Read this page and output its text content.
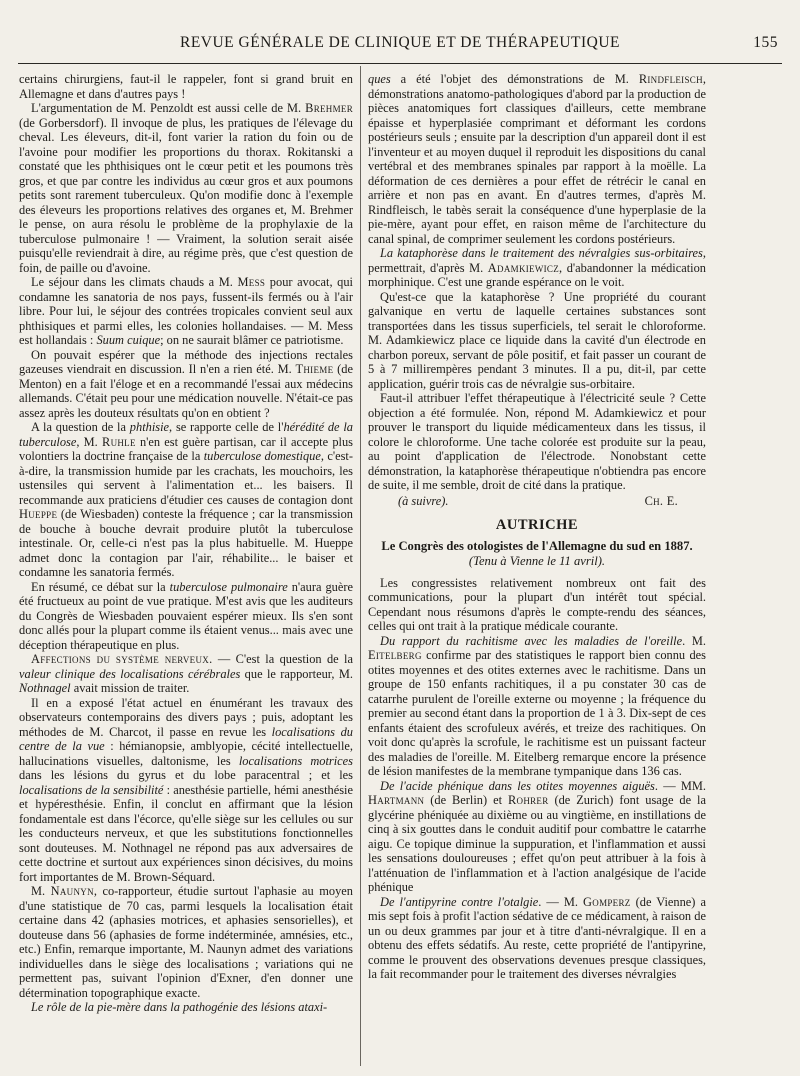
REVUE GÉNÉRALE DE CLINIQUE ET DE THÉRAPEUTIQUE	155

certains chirurgiens, faut-il le rappeler, font si grand bruit en Allemagne et dans d'autres pays !

L'argumentation de M. Penzoldt est aussi celle de M. Brehmer (de Gorbersdorf). Il invoque de plus, les pratiques de l'élevage du cheval. Les éleveurs, dit-il, font varier la ration du foin ou de l'avoine pour modifier les proportions du thorax. Rokitanski a constaté que les phthisiques ont le cœur petit et les poumons très gros, et que par contre les individus au cœur gros et aux poumons petits sont rarement tuberculeux. Qu'on modifie donc à l'exemple des éleveurs les proportions relatives des organes et, M. Brehmer le pense, on aura résolu le problème de la prophylaxie de la tuberculose pulmonaire ! — Vraiment, la solution serait aisée puisqu'elle reviendrait à dire, au régime près, que c'est question de foin, de paille ou d'avoine.

Le séjour dans les climats chauds a M. Mess pour avocat, qui condamne les sanatoria de nos pays, fussent-ils fermés ou à l'air libre. Pour lui, le séjour des contrées tropicales convient seul aux phthisiques et parmi elles, les colonies hollandaises. — M. Mess est hollandais : Suum cuique; on ne saurait blâmer ce patriotisme.

On pouvait espérer que la méthode des injections rectales gazeuses viendrait en discussion. Il n'en a rien été. M. Thieme (de Menton) en a fait l'éloge et en a recommandé l'essai aux médecins allemands. C'était peu pour une médication nouvelle. N'était-ce pas assez après les douteux résultats qu'on en obtient ?

A la question de la phthisie, se rapporte celle de l'hérédité de la tuberculose, M. Ruhle n'en est guère partisan, car il accepte plus volontiers la doctrine française de la tuberculose domestique, c'est-à-dire, la transmission humide par les crachats, les mouchoirs, les ustensiles qui servent à l'alimentation et... les baisers. Il recommande aux praticiens d'étudier ces causes de contagion dont Hueppe (de Wiesbaden) conteste la fréquence ; car la transmission de bouche à bouche devrait produire plutôt la tuberculose intestinale. Or, celle-ci n'est pas la plus habituelle. M. Hueppe admet donc la contagion par l'air, réhabilite... le baiser et condamne les sanatoria fermés.

En résumé, ce débat sur la tuberculose pulmonaire n'aura guère été fructueux au point de vue pratique. M'est avis que les auditeurs du Congrès de Wiesbaden pouvaient espérer mieux. Ils s'en sont donc allés pour la plupart comme ils étaient venus... mais avec une déception thérapeutique en plus.

Affections du système nerveux. — C'est la question de la valeur clinique des localisations cérébrales que le rapporteur, M. Nothnagel avait mission de traiter.

Il en a exposé l'état actuel en énumérant les travaux des observateurs contemporains des divers pays ; puis, adoptant les méthodes de M. Charcot, il passe en revue les localisations du centre de la vue : hémianopsie, amblyopie, cécité intellectuelle, hallucinations visuelles, daltonisme, les localisations motrices dans les lésions du gyrus et du lobe paracentral ; et les localisations de la sensibilité : anesthésie partielle, hémi anesthésie et hypéresthésie. Enfin, il conclut en affirmant que la lésion fondamentale est dans l'écorce, qu'elle siège sur les cellules ou sur les conducteurs nerveux, et que les substitutions fonctionnelles sont douteuses. M. Nothnagel ne répond pas aux adversaires de cette doctrine et surtout aux expériences sinon décisives, du moins fort importantes de M. Brown-Séquard.

M. Naunyn, co-rapporteur, étudie surtout l'aphasie au moyen d'une statistique de 70 cas, parmi lesquels la localisation était certaine dans 42 (aphasies motrices, et aphasies sensorielles), et douteuse dans 56 (aphasies de forme indéterminée, amnésies, etc., etc.) Enfin, remarque importante, M. Naunyn admet des variations individuelles dans le siège des localisations ; variations qui ne permettent pas, suivant l'opinion d'Exner, d'en donner une détermination topographique exacte.

Le rôle de la pie-mère dans la pathogénie des lésions ataxi-

ques a été l'objet des démonstrations de M. Rindfleisch, démonstrations anatomo-pathologiques d'abord par la production de pièces anatomiques fort classiques d'ailleurs, cette membrane épaisse et hyperplasiée comprimant et déformant les cordons postérieurs seuls ; ensuite par la description d'un appareil dont il est l'inventeur et au moyen duquel il reproduit les dispositions du canal vertébral et des membranes spinales par rapport à la moëlle. La déformation de ces dernières a pour effet de rétrécir le canal en arrière et non pas en avant. En d'autres termes, d'après M. Rindfleisch, le tabès serait la conséquence d'une hyperplasie de la pie-mère, ayant pour effet, en raison même de l'architecture du canal spinal, de comprimer seulement les cordons postérieurs.

La kataphorèse dans le traitement des névralgies sus-orbitaires, permettrait, d'après M. Adamkiewicz, d'abandonner la médication morphinique. C'est une grande espérance on le voit.

Qu'est-ce que la kataphorèse ? Une propriété du courant galvanique en vertu de laquelle certaines substances sont transportées dans les tissus superficiels, tel serait le chloroforme. M. Adamkiewicz place ce liquide dans la cavité d'un électrode en charbon poreux, servant de pôle positif, et fait passer un courant de 5 à 7 millirempères pendant 3 minutes. Il a pu, dit-il, par cette application, guérir trois cas de névralgie sus-orbitaire.

Faut-il attribuer l'effet thérapeutique à l'électricité seule ? Cette objection a été formulée. Non, répond M. Adamkiewicz et pour prouver le transport du liquide médicamenteux dans les tissus, il colore le chloroforme. Une tache colorée est produite sur la peau, au point d'application de l'électrode. Nonobstant cette démonstration, la kataphorèse thérapeutique n'obtiendra pas encore de suite, il me semble, droit de cité dans la pratique.

(à suivre).	Ch. E.
AUTRICHE
Le Congrès des otologistes de l'Allemagne du sud en 1887. (Tenu à Vienne le 11 avril).

Les congressistes relativement nombreux ont fait des communications, pour la plupart d'un intérêt tout spécial. Cependant nous résumons d'après le compte-rendu des séances, celles qui ont trait à la pratique médicale courante.

Du rapport du rachitisme avec les maladies de l'oreille. M. Eitelberg confirme par des statistiques le rapport bien connu des otites moyennes et des otites externes avec le rachitisme. Dans un groupe de 150 enfants rachitiques, il a pu constater 30 cas de catarrhe purulent de l'oreille externe ou moyenne ; la fréquence du premier au second étant dans la proportion de 1 à 3. Dix-sept de ces enfants étaient des scrofuleux avérés, et treize des rachitiques. On voit donc qu'après la scrofule, le rachitisme est un puissant facteur des maladies de l'oreille. M. Eitelberg remarque encore la présence de lésion manifestes de la membrane tympanique dans 136 cas.

De l'acide phénique dans les otites moyennes aiguës. — MM. Hartmann (de Berlin) et Rohrer (de Zurich) font usage de la glycérine phéniquée au dixième ou au vingtième, en instillations de cinq à six gouttes dans le conduit auditif pour combattre le catarrhe aigu. Ce topique diminue la suppuration, et l'inflammation et aussi les sensations douloureuses ; effet qu'on peut attribuer à la fois à l'atténuation de l'inflammation et à l'action analgésique de l'acide phénique

De l'antipyrine contre l'otalgie. — M. Gomperz (de Vienne) a mis sept fois à profit l'action sédative de ce médicament, à raison de un ou deux grammes par jour et à titre d'anti-névralgique. Il en a obtenu des effets sédatifs. Au reste, cette propriété de l'antipyrine, comme le prouvent des observations devenues presque classiques, la fait recommander pour le traitement des diverses névralgies
